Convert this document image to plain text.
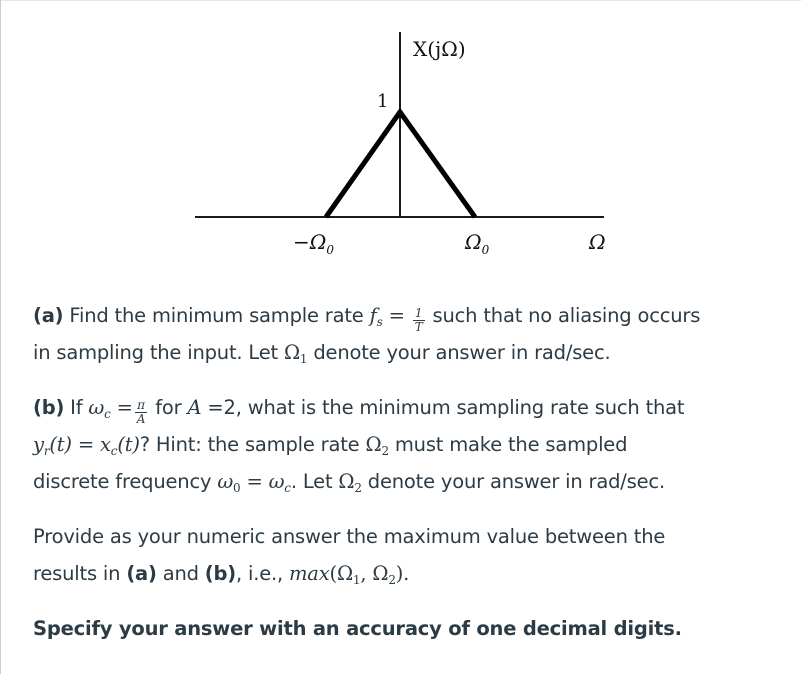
X(jΩ)
1
$-\Omega_0$	$\Omega_0$	Ω
(a) Find the minimum sample rate $f_s = \frac{1}{T}$ such that no aliasing occurs
in sampling the input. Let $\Omega_1$ denote your answer in rad/sec.
(b) If $\omega_c = \frac{\pi}{A}$ for A =2, what is the minimum sampling rate such that
$y_r(t) = x_c(t)$? Hint: the sample rate $\Omega_2$ must make the sampled
discrete frequency $\omega_0 = \omega_c$. Let $\Omega_2$ denote your answer in rad/sec.
Provide as your numeric answer the maximum value between the
results in (a) and (b), i.e., $\max(\Omega_1$, $\Omega_2$).
Specify your answer with an accuracy of one decimal digits.
